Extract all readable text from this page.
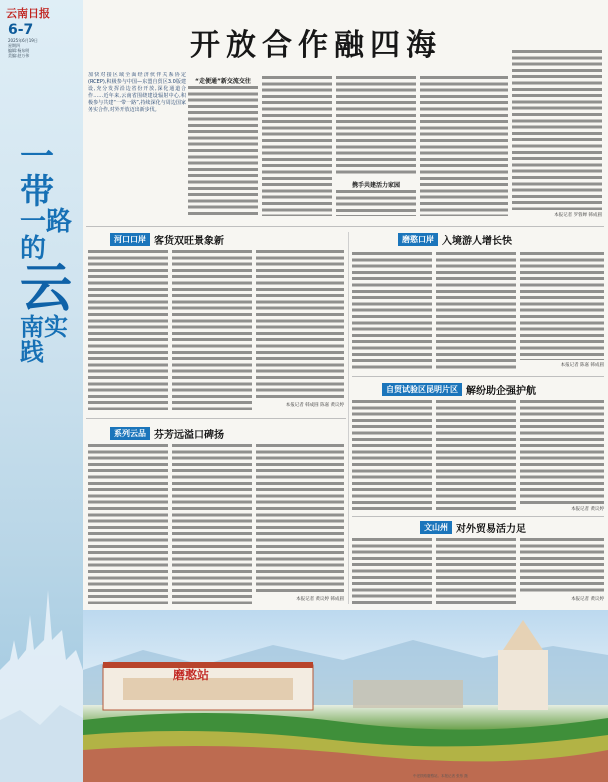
云南日报
6-7
2025年6月19日
星期四
编辑:杨东明
美编:赵万伟
一带
一路的
云
南实践
开放合作融四海

加快对接区域全面经济伙伴关系协定(RCEP),积极参与中国—东盟自贸区3.0版建设,充分发挥沿边省份开放,深化通道合作……近年来,云南省围绕建设辐射中心,积极参与共建“一带一路”,持续深化与周边国家务实合作,对外开放迈出新步伐。

“走便通”新交流交往
携手共建活力家园
本报记者 罗蓉婵 韩成圆
河口口岸 客货双旺景象新
本报记者 韩成圆 陈嘉 黄议婷
磨憨口岸 入境游人增长快
本报记者 陈嘉 韩成圆
系列云品 芬芳远溢口碑扬
本报记者 黄议婷 韩成圆
自贸试验区昆明片区 解纷助企强护航
本报记者 黄议婷
文山州 对外贸易活力足
本报记者 黄议婷
磨憨站
中老铁路磨憨站。本报记者 张彤 摄
